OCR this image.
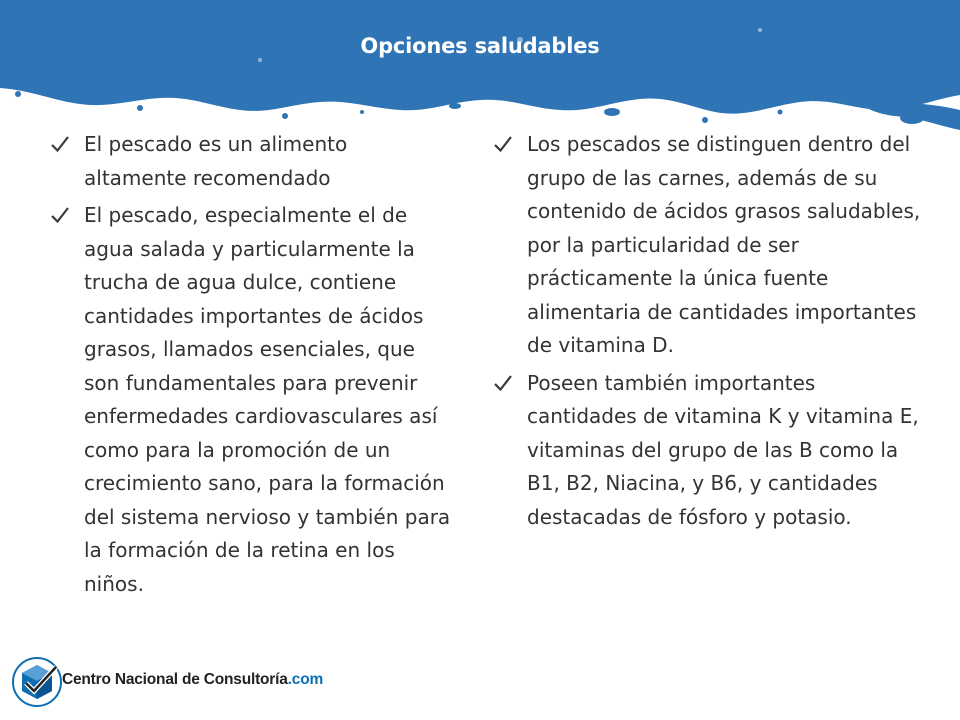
Opciones saludables
El pescado es un alimento altamente recomendado
El pescado, especialmente el de agua salada y particularmente la trucha de agua dulce, contiene cantidades importantes de ácidos grasos, llamados esenciales, que son fundamentales para prevenir enfermedades cardiovasculares así como para la promoción de un crecimiento sano, para la formación del sistema nervioso y también para la formación de la retina en los niños.
Los pescados se distinguen dentro del grupo de las carnes, además de su contenido de ácidos grasos saludables, por la particularidad de ser prácticamente la única fuente alimentaria de cantidades importantes de vitamina D.
Poseen también importantes cantidades de vitamina K y vitamina E, vitaminas del grupo de las B como la B1, B2, Niacina, y B6, y cantidades destacadas de fósforo y potasio.
Centro Nacional de Consultoría.com
